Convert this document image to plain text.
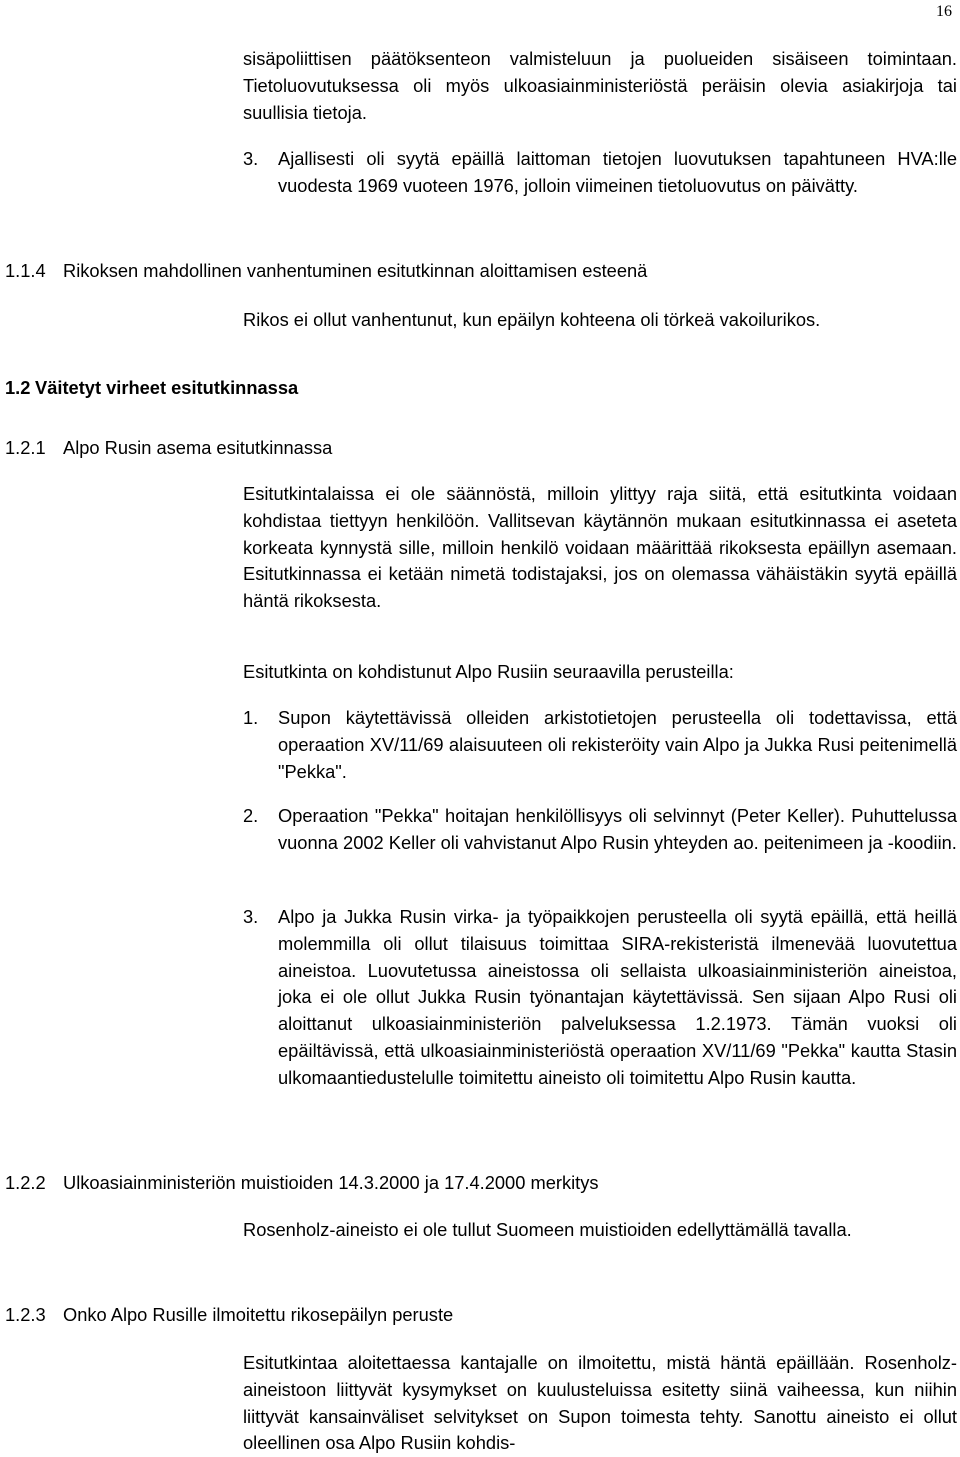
16

sisäpoliittisen päätöksenteon valmisteluun ja puolueiden sisäiseen toimintaan. Tietoluovutuksessa oli myös ulkoasiainministeriöstä peräisin olevia asiakirjoja tai suullisia tietoja.

3. Ajallisesti oli syytä epäillä laittoman tietojen luovutuksen tapahtuneen HVA:lle vuodesta 1969 vuoteen 1976, jolloin viimeinen tietoluovutus on päivätty.
1.1.4 Rikoksen mahdollinen vanhentuminen esitutkinnan aloittamisen esteenä

Rikos ei ollut vanhentunut, kun epäilyn kohteena oli törkeä vakoilurikos.

1.2 Väitetyt virheet esitutkinnassa
1.2.1 Alpo Rusin asema esitutkinnassa

Esitutkintalaissa ei ole säännöstä, milloin ylittyy raja siitä, että esitutkinta voidaan kohdistaa tiettyyn henkilöön. Vallitsevan käytännön mukaan esitutkinnassa ei aseteta korkeata kynnystä sille, milloin henkilö voidaan määrittää rikoksesta epäillyn asemaan. Esitutkinnassa ei ketään nimetä todistajaksi, jos on olemassa vähäistäkin syytä epäillä häntä rikoksesta.

Esitutkinta on kohdistunut Alpo Rusiin seuraavilla perusteilla:

1. Supon käytettävissä olleiden arkistotietojen perusteella oli todettavissa, että operaation XV/11/69 alaisuuteen oli rekisteröity vain Alpo ja Jukka Rusi peitenimellä "Pekka".
2. Operaation "Pekka" hoitajan henkilöllisyys oli selvinnyt (Peter Keller). Puhuttelussa vuonna 2002 Keller oli vahvistanut Alpo Rusin yhteyden ao. peitenimeen ja -koodiin.
3. Alpo ja Jukka Rusin virka- ja työpaikkojen perusteella oli syytä epäillä, että heillä molemmilla oli ollut tilaisuus toimittaa SIRA-rekisteristä ilmenevää luovutettua aineistoa. Luovutetussa aineistossa oli sellaista ulkoasiainministeriön aineistoa, joka ei ole ollut Jukka Rusin työnantajan käytettävissä. Sen sijaan Alpo Rusi oli aloittanut ulkoasiainministeriön palveluksessa 1.2.1973. Tämän vuoksi oli epäiltävissä, että ulkoasiainministeriöstä operaation XV/11/69 "Pekka" kautta Stasin ulkomaantiedustelulle toimitettu aineisto oli toimitettu Alpo Rusin kautta.
1.2.2 Ulkoasiainministeriön muistioiden 14.3.2000 ja 17.4.2000 merkitys

Rosenholz-aineisto ei ole tullut Suomeen muistioiden edellyttämällä tavalla.

1.2.3 Onko Alpo Rusille ilmoitettu rikosepäilyn peruste

Esitutkintaa aloitettaessa kantajalle on ilmoitettu, mistä häntä epäillään. Rosenholz-aineistoon liittyvät kysymykset on kuulusteluissa esitetty siinä vaiheessa, kun niihin liittyvät kansainväliset selvitykset on Supon toimesta tehty. Sanottu aineisto ei ollut oleellinen osa Alpo Rusiin kohdis-
